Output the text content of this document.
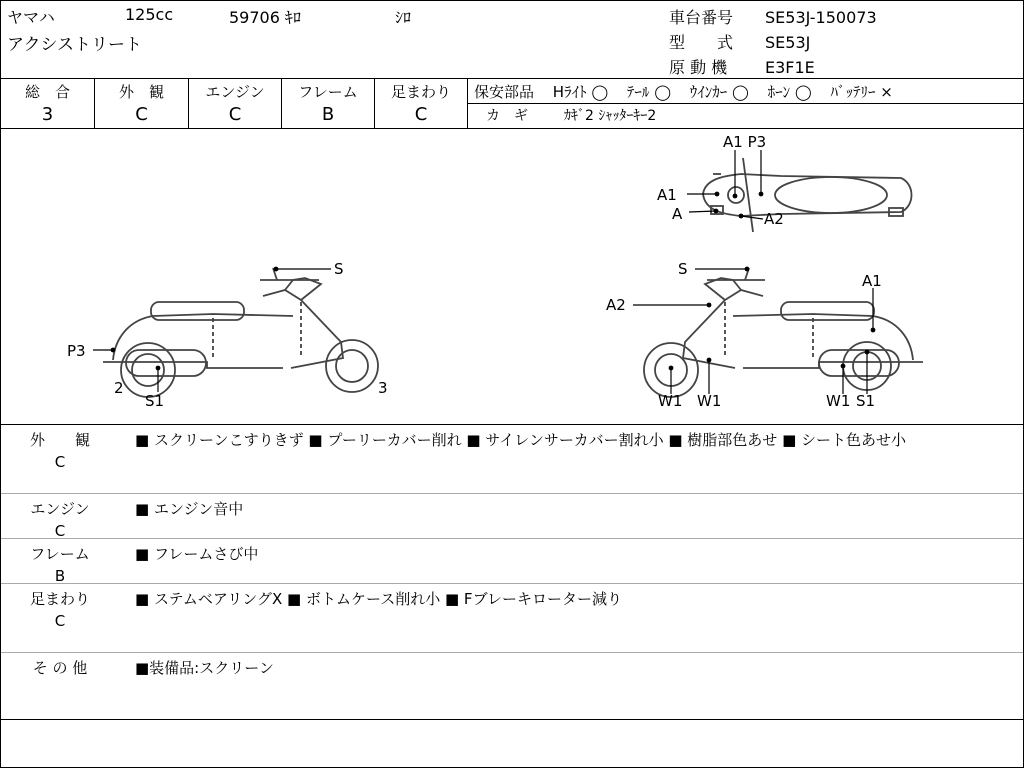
ヤマハ	125cc	59706 ｷﾛ	ｼﾛ
アクシストリート
車台番号 SE53J-150073
型　　式 SE53J
原 動 機 E3F1E
総　合
3
外　観
C
エンジン
C
フレーム
B
足まわり
C
保安部品 Hﾗｲﾄ ◯ ﾃｰﾙ ◯ ｳｲﾝｶｰ ◯ ﾎｰﾝ ◯ ﾊﾞｯﾃﾘｰ ×
カ　ギ	ｶｷﾞ2 ｼｬｯﾀｰｷｰ2
S
P3
2
S1
3
A1 P3
A1
A	A2
S
A2
A1
W1 W1	W1 S1
外　　観
C
■ スクリーンこすりきず ■ プーリーカバー削れ ■ サイレンサーカバー割れ小 ■ 樹脂部色あせ ■ シート色あせ小
エンジン
C
■ エンジン音中
フレーム
B
■ フレームさび中
足まわり
C
■ ステムベアリングX ■ ボトムケース削れ小 ■ Fブレーキローター減り
そ の 他	■装備品:スクリーン
